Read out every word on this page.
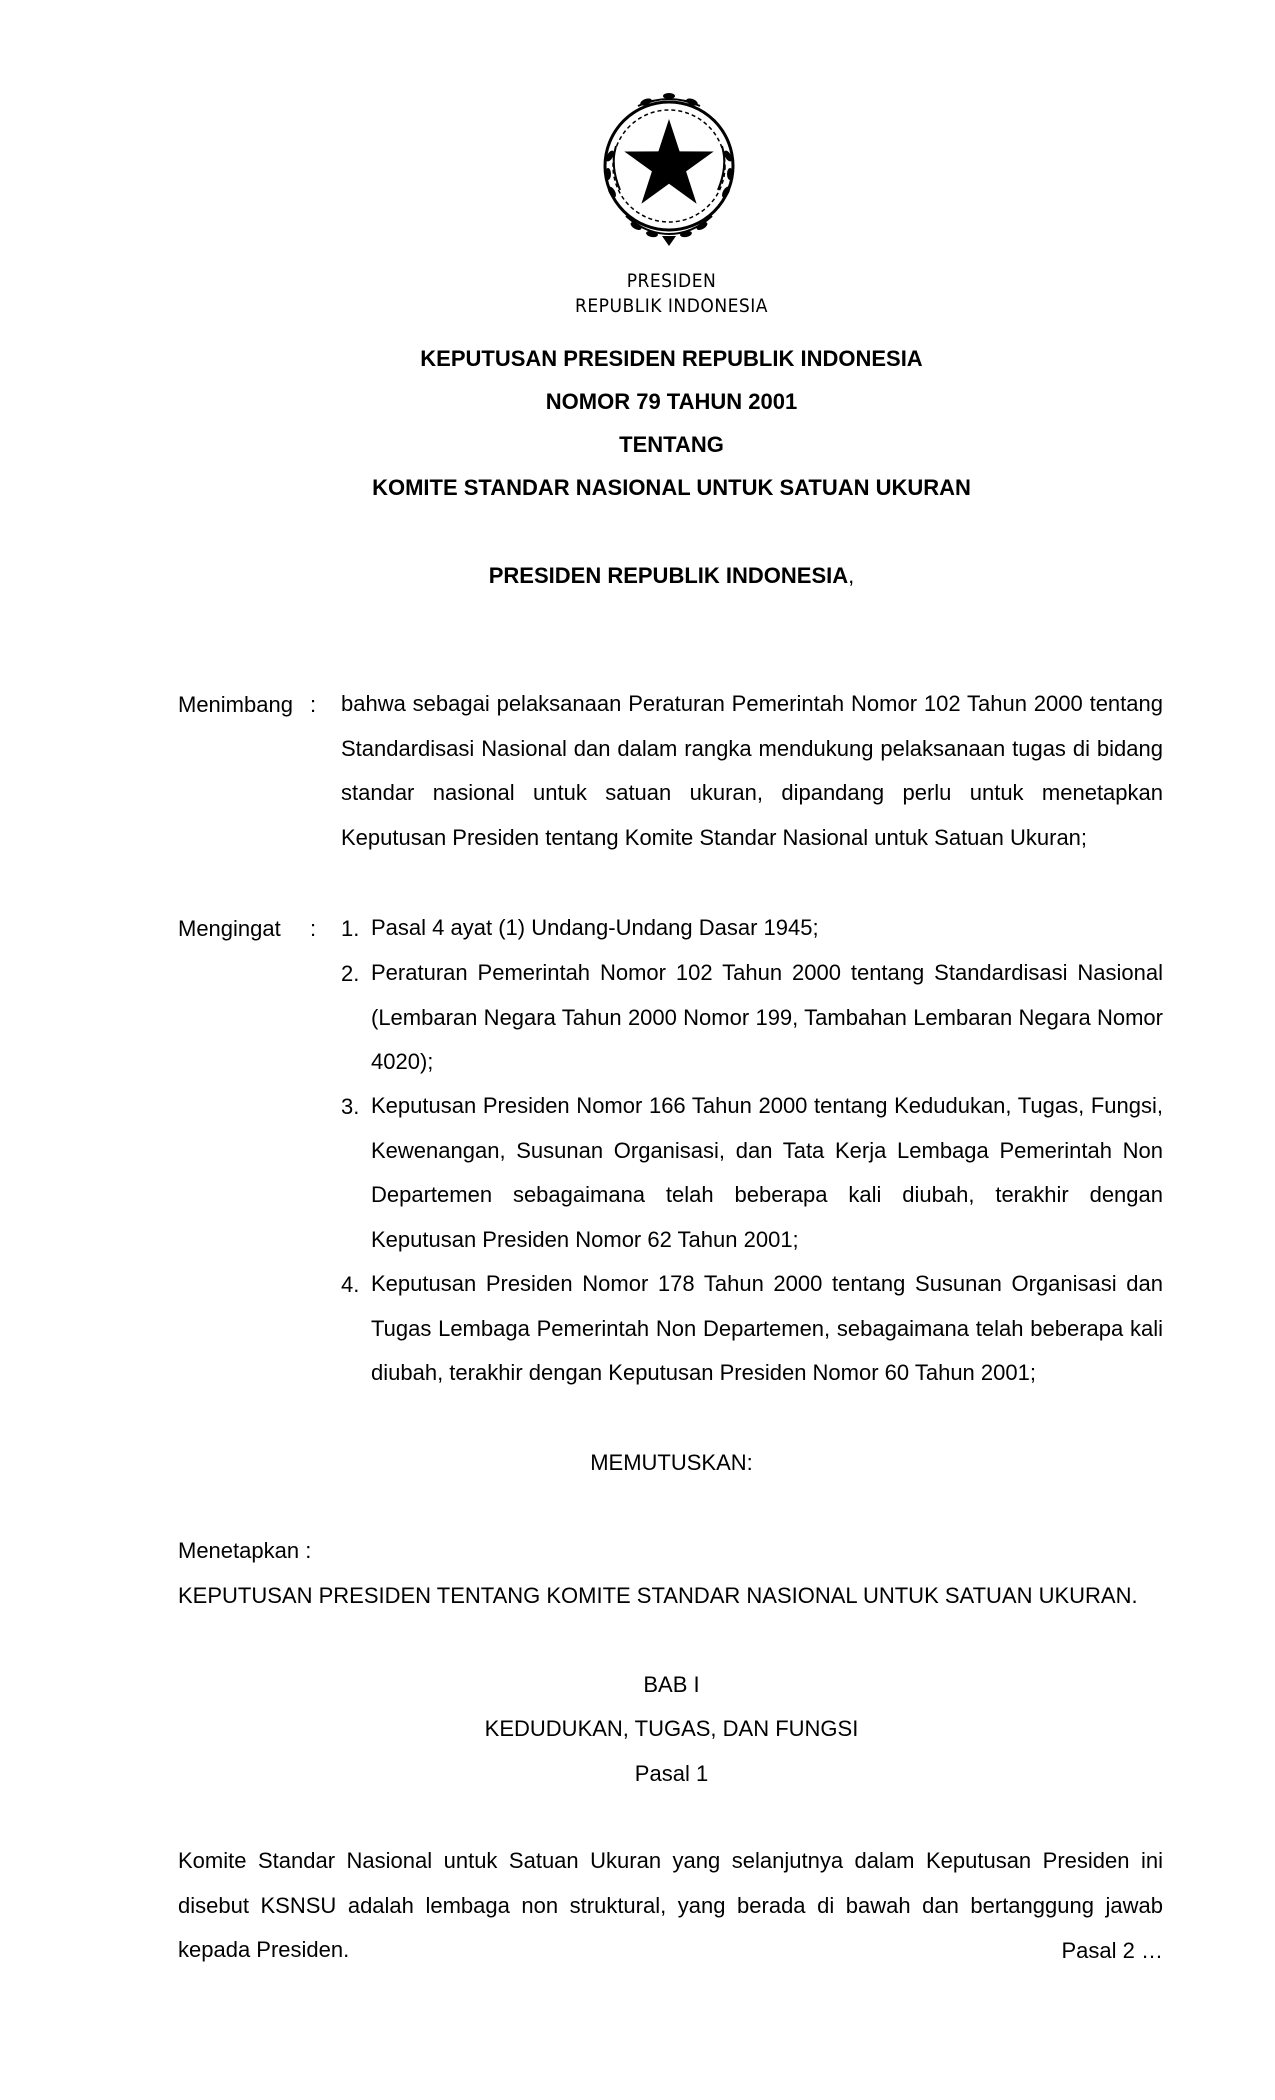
PRESIDEN
REPUBLIK INDONESIA
KEPUTUSAN PRESIDEN REPUBLIK INDONESIA
NOMOR 79 TAHUN 2001
TENTANG
KOMITE STANDAR NASIONAL UNTUK SATUAN UKURAN
PRESIDEN REPUBLIK INDONESIA,
Menimbang : bahwa sebagai pelaksanaan Peraturan Pemerintah Nomor 102 Tahun 2000 tentang Standardisasi Nasional dan dalam rangka mendukung pelaksanaan tugas di bidang standar nasional untuk satuan ukuran, dipandang perlu untuk menetapkan Keputusan Presiden tentang Komite Standar Nasional untuk Satuan Ukuran;
Mengingat : 1. Pasal 4 ayat (1) Undang-Undang Dasar 1945;
2. Peraturan Pemerintah Nomor 102 Tahun 2000 tentang Standardisasi Nasional (Lembaran Negara Tahun 2000 Nomor 199, Tambahan Lembaran Negara Nomor 4020);
3. Keputusan Presiden Nomor 166 Tahun 2000 tentang Kedudukan, Tugas, Fungsi, Kewenangan, Susunan Organisasi, dan Tata Kerja Lembaga Pemerintah Non Departemen sebagaimana telah beberapa kali diubah, terakhir dengan Keputusan Presiden Nomor 62 Tahun 2001;
4. Keputusan Presiden Nomor 178 Tahun 2000 tentang Susunan Organisasi dan Tugas Lembaga Pemerintah Non Departemen, sebagaimana telah beberapa kali diubah, terakhir dengan Keputusan Presiden Nomor 60 Tahun 2001;
MEMUTUSKAN:
Menetapkan :
KEPUTUSAN PRESIDEN TENTANG KOMITE STANDAR NASIONAL UNTUK SATUAN UKURAN.
BAB I
KEDUDUKAN, TUGAS, DAN FUNGSI
Pasal 1
Komite Standar Nasional untuk Satuan Ukuran yang selanjutnya dalam Keputusan Presiden ini disebut KSNSU adalah lembaga non struktural, yang berada di bawah dan bertanggung jawab kepada Presiden.	Pasal 2 …
